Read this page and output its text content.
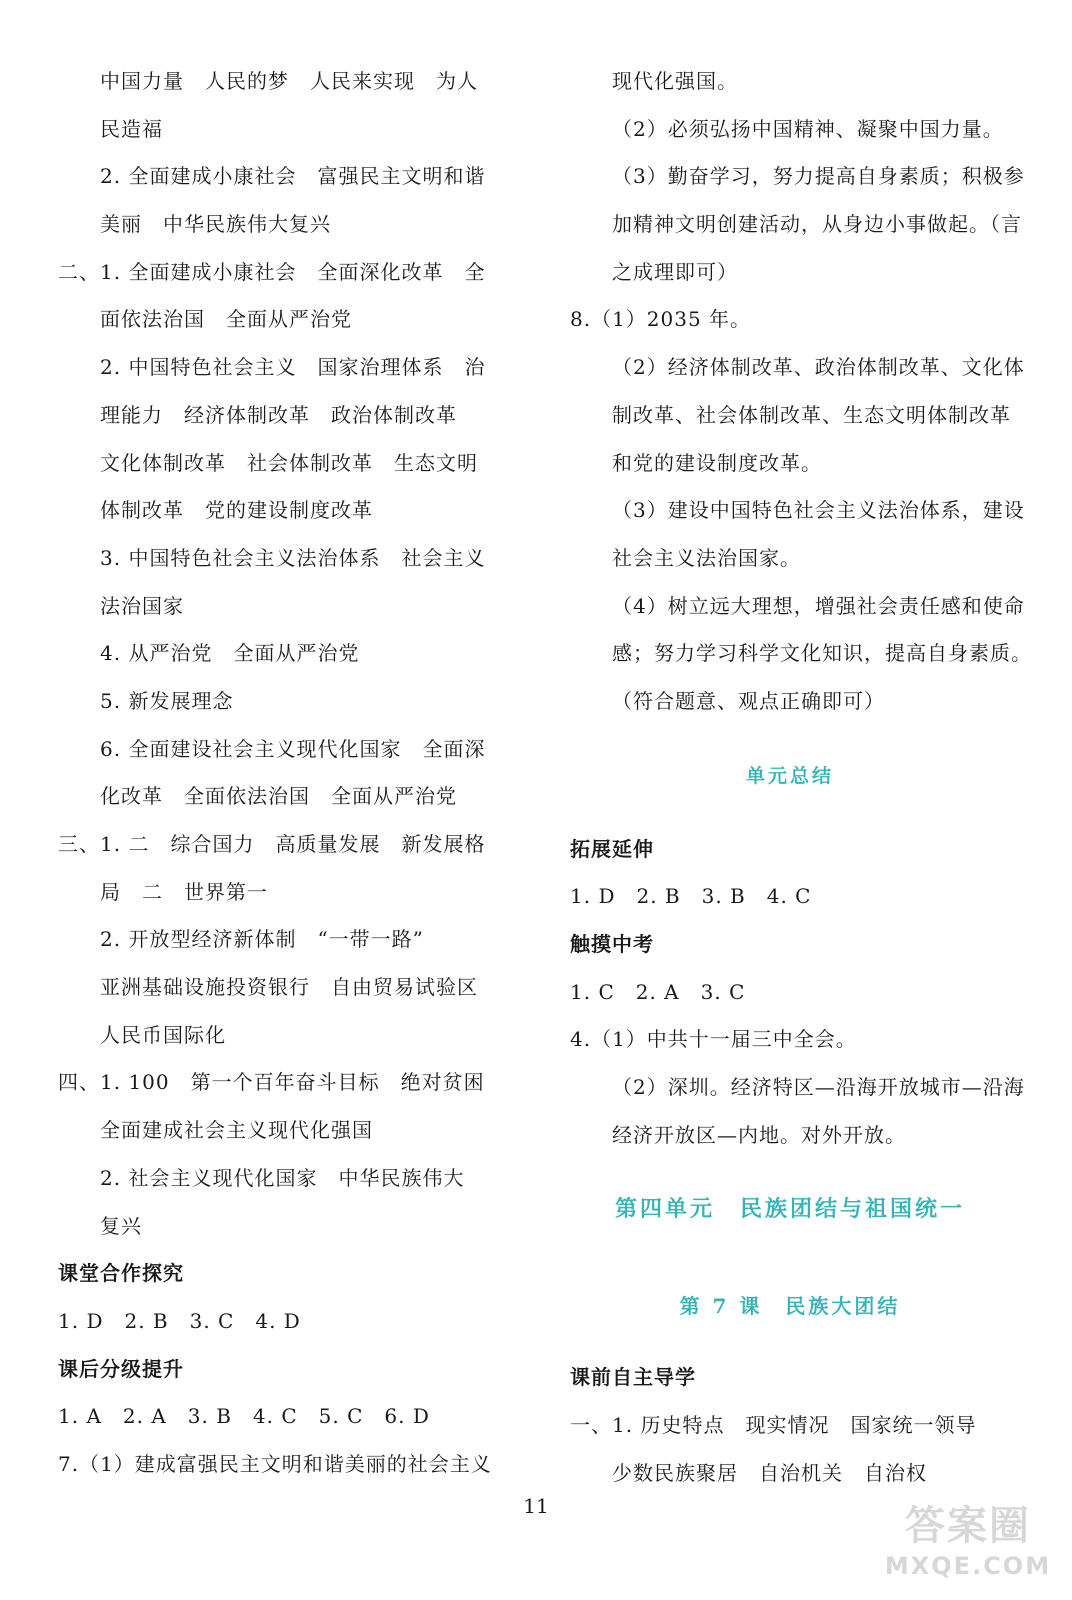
中国力量　人民的梦　人民来实现　为人
民造福
2. 全面建成小康社会　富强民主文明和谐
美丽　中华民族伟大复兴
二、1. 全面建成小康社会　全面深化改革　全
面依法治国　全面从严治党
2. 中国特色社会主义　国家治理体系　治
理能力　经济体制改革　政治体制改革
文化体制改革　社会体制改革　生态文明
体制改革　党的建设制度改革
3. 中国特色社会主义法治体系　社会主义
法治国家
4. 从严治党　全面从严治党
5. 新发展理念
6. 全面建设社会主义现代化国家　全面深
化改革　全面依法治国　全面从严治党
三、1. 二　综合国力　高质量发展　新发展格
局　二　世界第一
2. 开放型经济新体制　“一带一路”
亚洲基础设施投资银行　自由贸易试验区
人民币国际化
四、1. 100　第一个百年奋斗目标　绝对贫困
全面建成社会主义现代化强国
2. 社会主义现代化国家　中华民族伟大
复兴
课堂合作探究
1. D　2. B　3. C　4. D
课后分级提升
1. A　2. A　3. B　4. C　5. C　6. D
7.（1）建成富强民主文明和谐美丽的社会主义
现代化强国。
（2）必须弘扬中国精神、凝聚中国力量。
（3）勤奋学习，努力提高自身素质；积极参
加精神文明创建活动，从身边小事做起。（言
之成理即可）
8.（1）2035 年。
（2）经济体制改革、政治体制改革、文化体
制改革、社会体制改革、生态文明体制改革
和党的建设制度改革。
（3）建设中国特色社会主义法治体系，建设
社会主义法治国家。
（4）树立远大理想，增强社会责任感和使命
感；努力学习科学文化知识，提高自身素质。
（符合题意、观点正确即可）
单元总结
拓展延伸
1. D　2. B　3. B　4. C
触摸中考
1. C　2. A　3. C
4.（1）中共十一届三中全会。
（2）深圳。经济特区—沿海开放城市—沿海
经济开放区—内地。对外开放。
第四单元　民族团结与祖国统一
第 7 课　民族大团结
课前自主导学
一、1. 历史特点　现实情况　国家统一领导
少数民族聚居　自治机关　自治权
11	答案圈
MXQE.COM
